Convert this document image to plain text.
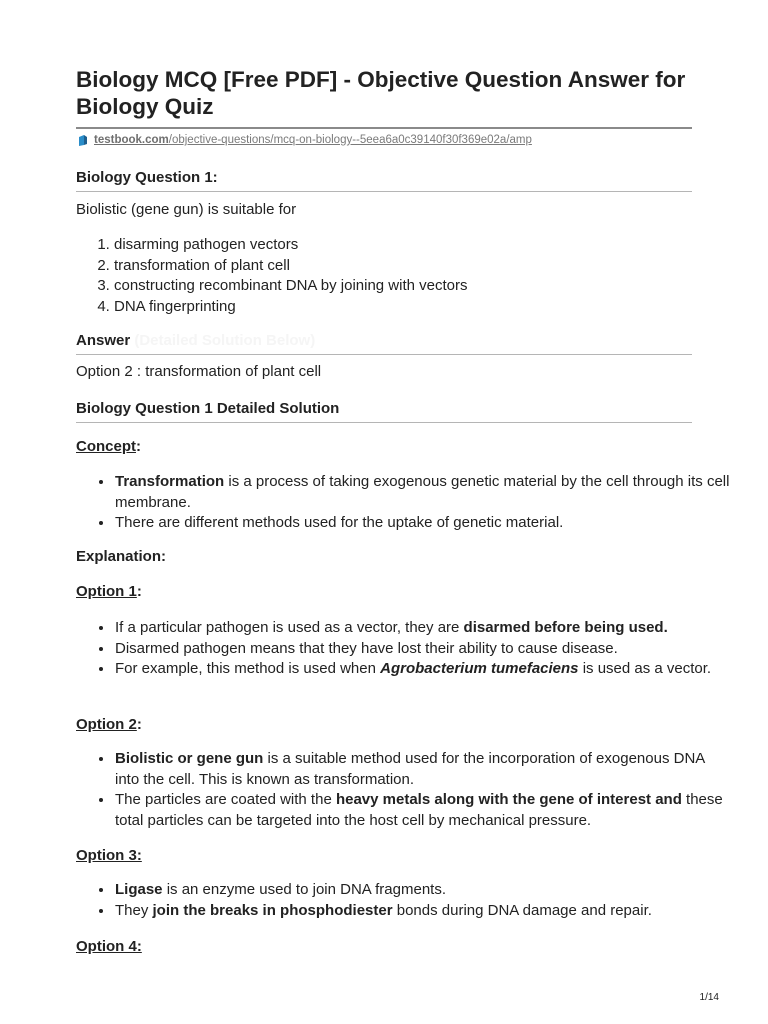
Biology MCQ [Free PDF] - Objective Question Answer for Biology Quiz
testbook.com /objective-questions/mcq-on-biology--5eea6a0c39140f30f369e02a/amp
Biology Question 1:
Biolistic (gene gun) is suitable for
1. disarming pathogen vectors
2. transformation of plant cell
3. constructing recombinant DNA by joining with vectors
4. DNA fingerprinting
Answer (Detailed Solution Below)
Option 2 : transformation of plant cell
Biology Question 1 Detailed Solution
Concept:
• Transformation is a process of taking exogenous genetic material by the cell through its cell membrane.
• There are different methods used for the uptake of genetic material.
Explanation:
Option 1:
• If a particular pathogen is used as a vector, they are disarmed before being used.
• Disarmed pathogen means that they have lost their ability to cause disease.
• For example, this method is used when Agrobacterium tumefaciens is used as a vector.
Option 2:
• Biolistic or gene gun is a suitable method used for the incorporation of exogenous DNA into the cell. This is known as transformation.
• The particles are coated with the heavy metals along with the gene of interest and these total particles can be targeted into the host cell by mechanical pressure.
Option 3:
• Ligase is an enzyme used to join DNA fragments.
• They join the breaks in phosphodiester bonds during DNA damage and repair.
Option 4:
1/14
